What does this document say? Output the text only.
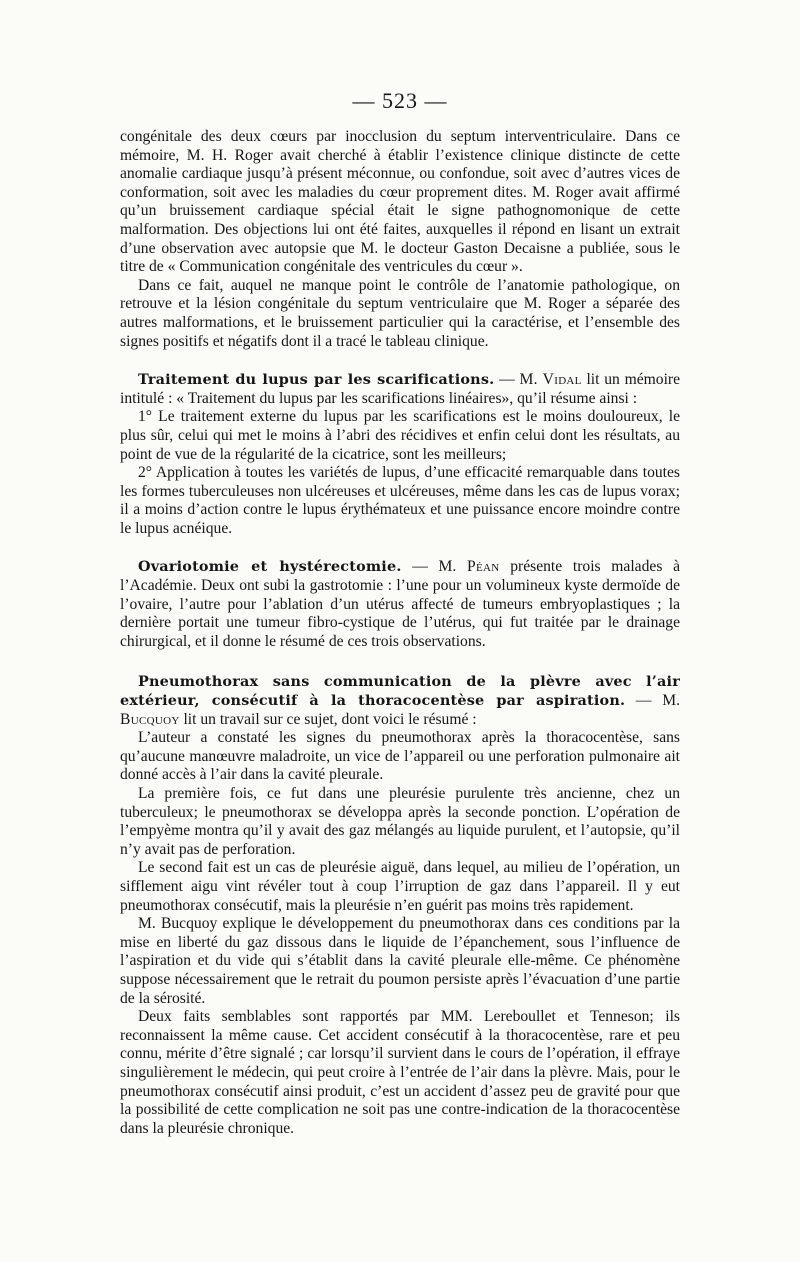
— 523 —

congénitale des deux cœurs par inocclusion du septum interventriculaire. Dans ce mémoire, M. H. Roger avait cherché à établir l’existence clinique distincte de cette anomalie cardiaque jusqu’à présent méconnue, ou confondue, soit avec d’autres vices de conformation, soit avec les maladies du cœur proprement dites. M. Roger avait affirmé qu’un bruissement cardiaque spécial était le signe pathognomonique de cette malformation. Des objections lui ont été faites, auxquelles il répond en lisant un extrait d’une observation avec autopsie que M. le docteur Gaston Decaisne a publiée, sous le titre de « Communication congénitale des ventricules du cœur ».

Dans ce fait, auquel ne manque point le contrôle de l’anatomie pathologique, on retrouve et la lésion congénitale du septum ventriculaire que M. Roger a séparée des autres malformations, et le bruissement particulier qui la caractérise, et l’ensemble des signes positifs et négatifs dont il a tracé le tableau clinique.

Traitement du lupus par les scarifications. — M. Vidal lit un mémoire intitulé : « Traitement du lupus par les scarifications linéaires», qu’il résume ainsi :

1° Le traitement externe du lupus par les scarifications est le moins douloureux, le plus sûr, celui qui met le moins à l’abri des récidives et enfin celui dont les résultats, au point de vue de la régularité de la cicatrice, sont les meilleurs;

2° Application à toutes les variétés de lupus, d’une efficacité remarquable dans toutes les formes tuberculeuses non ulcéreuses et ulcéreuses, même dans les cas de lupus vorax; il a moins d’action contre le lupus érythémateux et une puissance encore moindre contre le lupus acnéique.

Ovariotomie et hystérectomie. — M. Péan présente trois malades à l’Académie. Deux ont subi la gastrotomie : l’une pour un volumineux kyste dermoïde de l’ovaire, l’autre pour l’ablation d’un utérus affecté de tumeurs embryoplastiques ; la dernière portait une tumeur fibro-cystique de l’utérus, qui fut traitée par le drainage chirurgical, et il donne le résumé de ces trois observations.

Pneumothorax sans communication de la plèvre avec l’air extérieur, consécutif à la thoracocentèse par aspiration. — M. Bucquoy lit un travail sur ce sujet, dont voici le résumé :

L’auteur a constaté les signes du pneumothorax après la thoracocentèse, sans qu’aucune manœuvre maladroite, un vice de l’appareil ou une perforation pulmonaire ait donné accès à l’air dans la cavité pleurale.

La première fois, ce fut dans une pleurésie purulente très ancienne, chez un tuberculeux; le pneumothorax se développa après la seconde ponction. L’opération de l’empyème montra qu’il y avait des gaz mélangés au liquide purulent, et l’autopsie, qu’il n’y avait pas de perforation.

Le second fait est un cas de pleurésie aiguë, dans lequel, au milieu de l’opération, un sifflement aigu vint révéler tout à coup l’irruption de gaz dans l’appareil. Il y eut pneumothorax consécutif, mais la pleurésie n’en guérit pas moins très rapidement.

M. Bucquoy explique le développement du pneumothorax dans ces conditions par la mise en liberté du gaz dissous dans le liquide de l’épanchement, sous l’influence de l’aspiration et du vide qui s’établit dans la cavité pleurale elle-même. Ce phénomène suppose nécessairement que le retrait du poumon persiste après l’évacuation d’une partie de la sérosité.

Deux faits semblables sont rapportés par MM. Lereboullet et Tenneson; ils reconnaissent la même cause. Cet accident consécutif à la thoracocentèse, rare et peu connu, mérite d’être signalé ; car lorsqu’il survient dans le cours de l’opération, il effraye singulièrement le médecin, qui peut croire à l’entrée de l’air dans la plèvre. Mais, pour le pneumothorax consécutif ainsi produit, c’est un accident d’assez peu de gravité pour que la possibilité de cette complication ne soit pas une contre-indication de la thoracocentèse dans la pleurésie chronique.
